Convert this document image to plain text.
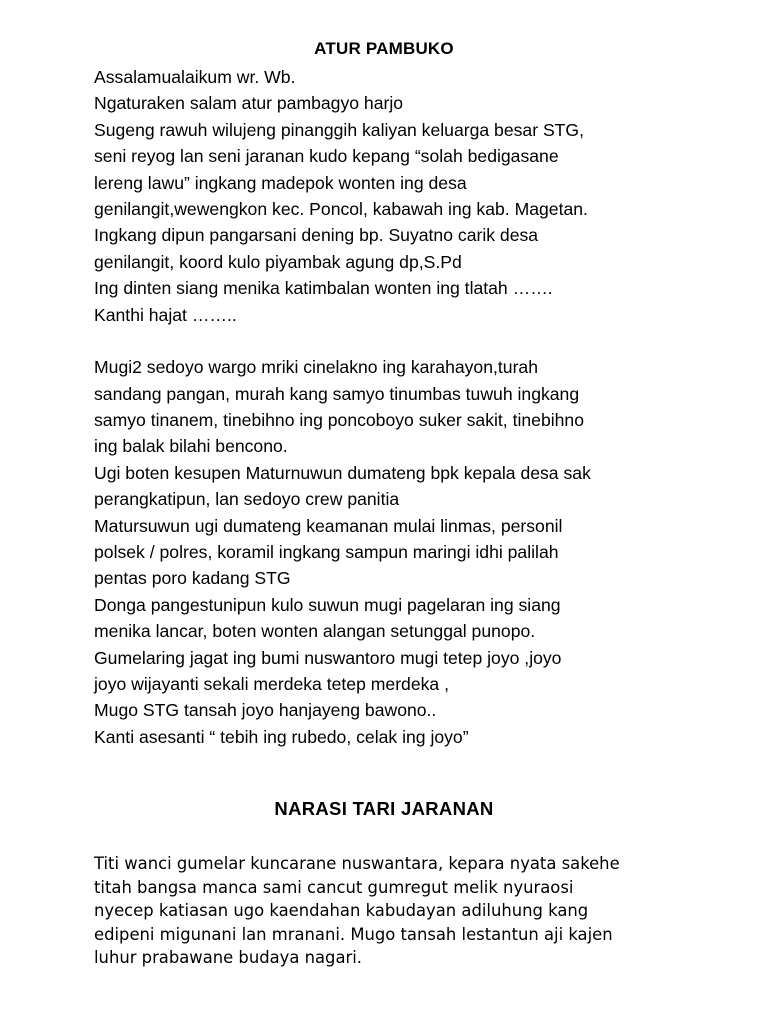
ATUR PAMBUKO
Assalamualaikum wr. Wb.
Ngaturaken salam atur pambagyo harjo
Sugeng rawuh wilujeng pinanggih kaliyan keluarga besar STG,
seni reyog lan seni jaranan kudo kepang “solah bedigasane
lereng lawu” ingkang madepok wonten ing desa
genilangit,wewengkon kec. Poncol, kabawah ing kab. Magetan.
Ingkang dipun pangarsani dening bp. Suyatno carik desa
genilangit, koord kulo piyambak agung dp,S.Pd
Ing dinten siang menika katimbalan wonten ing tlatah …….
Kanthi hajat ……..
Mugi2 sedoyo wargo mriki cinelakno ing karahayon,turah
sandang pangan, murah kang samyo tinumbas tuwuh ingkang
samyo tinanem, tinebihno ing poncoboyo suker sakit, tinebihno
ing balak bilahi bencono.
Ugi boten kesupen Maturnuwun dumateng bpk kepala desa sak
perangkatipun, lan sedoyo crew panitia
Matursuwun ugi dumateng keamanan mulai linmas, personil
polsek / polres, koramil ingkang sampun maringi idhi palilah
pentas poro kadang STG
Donga pangestunipun kulo suwun mugi pagelaran ing siang
menika lancar, boten wonten alangan setunggal punopo.
Gumelaring jagat ing bumi nuswantoro mugi tetep joyo ,joyo
joyo wijayanti sekali merdeka tetep merdeka ,
Mugo STG tansah joyo hanjayeng bawono..
Kanti asesanti “ tebih ing rubedo, celak ing joyo”
NARASI TARI JARANAN
Titi wanci gumelar kuncarane nuswantara, kepara nyata sakehe
titah bangsa manca sami cancut gumregut melik nyuraosi
nyecep katiasan ugo kaendahan kabudayan adiluhung kang
edipeni migunani lan mranani. Mugo tansah lestantun aji kajen
luhur prabawane budaya nagari.
